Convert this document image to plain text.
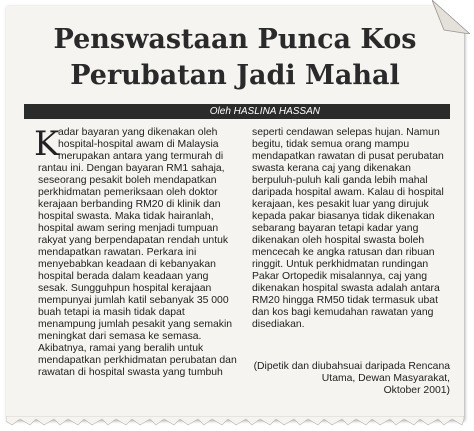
Penswastaan Punca Kos
Perubatan Jadi Mahal
Oleh HASLINA HASSAN
K
adar bayaran yang dikenakan oleh
hospital-hospital awam di Malaysia
merupakan antara yang termurah di
rantau ini. Dengan bayaran RM1 sahaja,
seseorang pesakit boleh mendapatkan
perkhidmatan pemeriksaan oleh doktor
kerajaan berbanding RM20 di klinik dan
hospital swasta. Maka tidak hairanlah,
hospital awam sering menjadi tumpuan
rakyat yang berpendapatan rendah untuk
mendapatkan rawatan. Perkara ini
menyebabkan keadaan di kebanyakan
hospital berada dalam keadaan yang
sesak. Sungguhpun hospital kerajaan
mempunyai jumlah katil sebanyak 35 000
buah tetapi ia masih tidak dapat
menampung jumlah pesakit yang semakin
meningkat dari semasa ke semasa.
Akibatnya, ramai yang beralih untuk
mendapatkan perkhidmatan perubatan dan
rawatan di hospital swasta yang tumbuh
seperti cendawan selepas hujan. Namun
begitu, tidak semua orang mampu
mendapatkan rawatan di pusat perubatan
swasta kerana caj yang dikenakan
berpuluh-puluh kali ganda lebih mahal
daripada hospital awam. Kalau di hospital
kerajaan, kes pesakit luar yang dirujuk
kepada pakar biasanya tidak dikenakan
sebarang bayaran tetapi kadar yang
dikenakan oleh hospital swasta boleh
mencecah ke angka ratusan dan ribuan
ringgit. Untuk perkhidmatan rundingan
Pakar Ortopedik misalannya, caj yang
dikenakan hospital swasta adalah antara
RM20 hingga RM50 tidak termasuk ubat
dan kos bagi kemudahan rawatan yang
disediakan.
(Dipetik dan diubahsuai daripada Rencana
Utama, Dewan Masyarakat,
Oktober 2001)
